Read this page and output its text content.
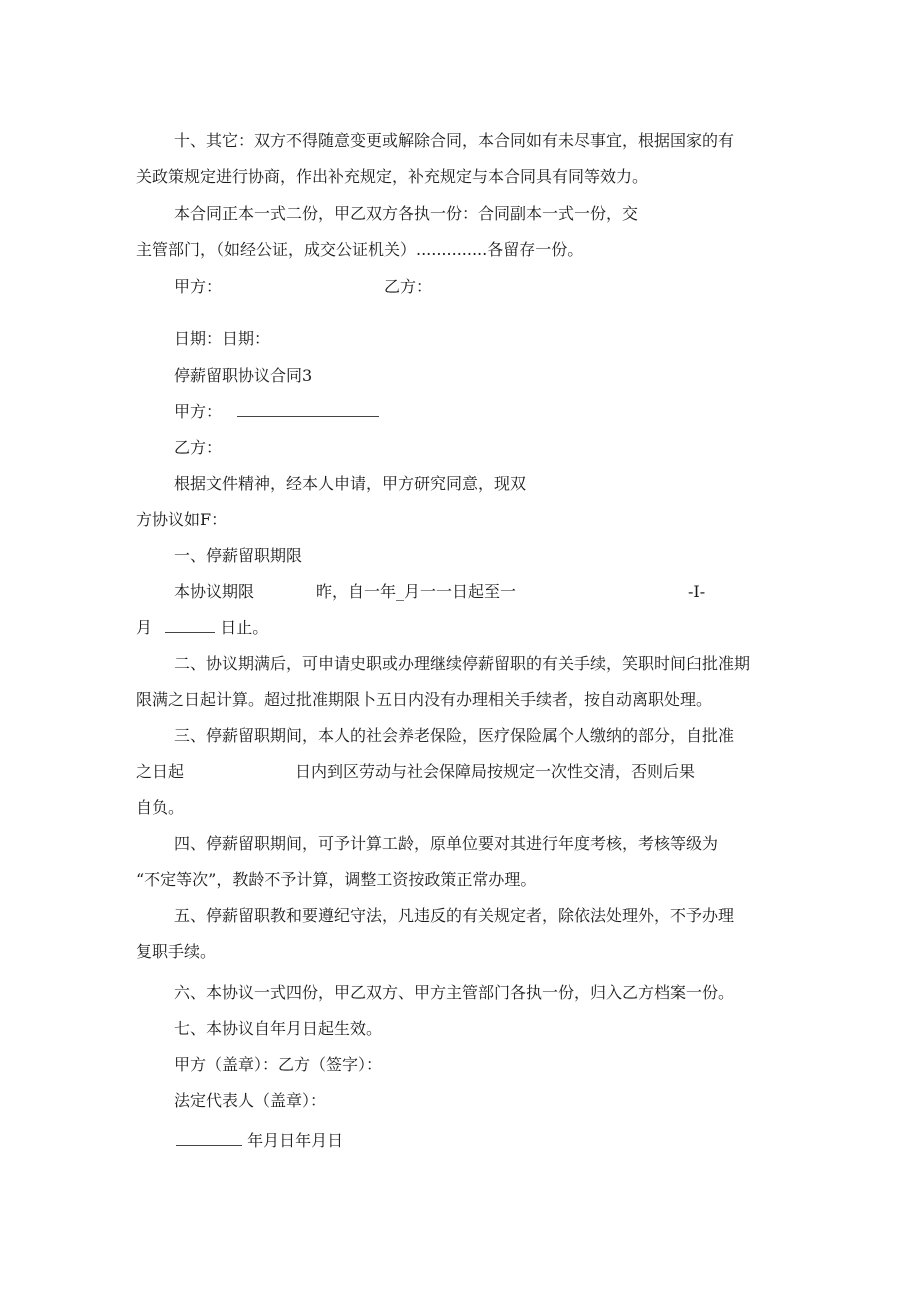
十、其它：双方不得随意变更或解除合同，本合同如有未尽事宜，根据国家的有
关政策规定进行协商，作出补充规定，补充规定与本合同具有同等效力。
本合同正本一式二份，甲乙双方各执一份：合同副本一式一份，交
主管部门，（如经公证，成交公证机关）..............各留存一份。
甲方：	乙方：
日期：日期：
停薪留职协议合同3
甲方：
乙方：
根据文件精神，经本人申请，甲方研究同意，现双
方协议如F：
一、停薪留职期限
本协议期限	昨，自一年_月一一日起至一	-I-
月	日止。
二、协议期满后，可申请史职或办理继续停薪留职的有关手续，笑职时间臼批准期
限满之日起计算。超过批准期限卜五日内没有办理相关手续者，按自动离职处理。
三、停薪留职期间，本人的社会养老保险，医疗保险属个人缴纳的部分，自批准
之日起	日内到区劳动与社会保障局按规定一次性交清，否则后果
自负。
四、停薪留职期间，可予计算工龄，原单位要对其进行年度考核，考核等级为
“不定等次”，教龄不予计算，调整工资按政策正常办理。
五、停薪留职教和要遵纪守法，凡违反的有关规定者，除依法处理外，不予办理
复职手续。
六、本协议一式四份，甲乙双方、甲方主管部门各执一份，归入乙方档案一份。
七、本协议自年月日起生效。
甲方（盖章）：乙方（签字）：
法定代表人（盖章）：
年月日年月日
